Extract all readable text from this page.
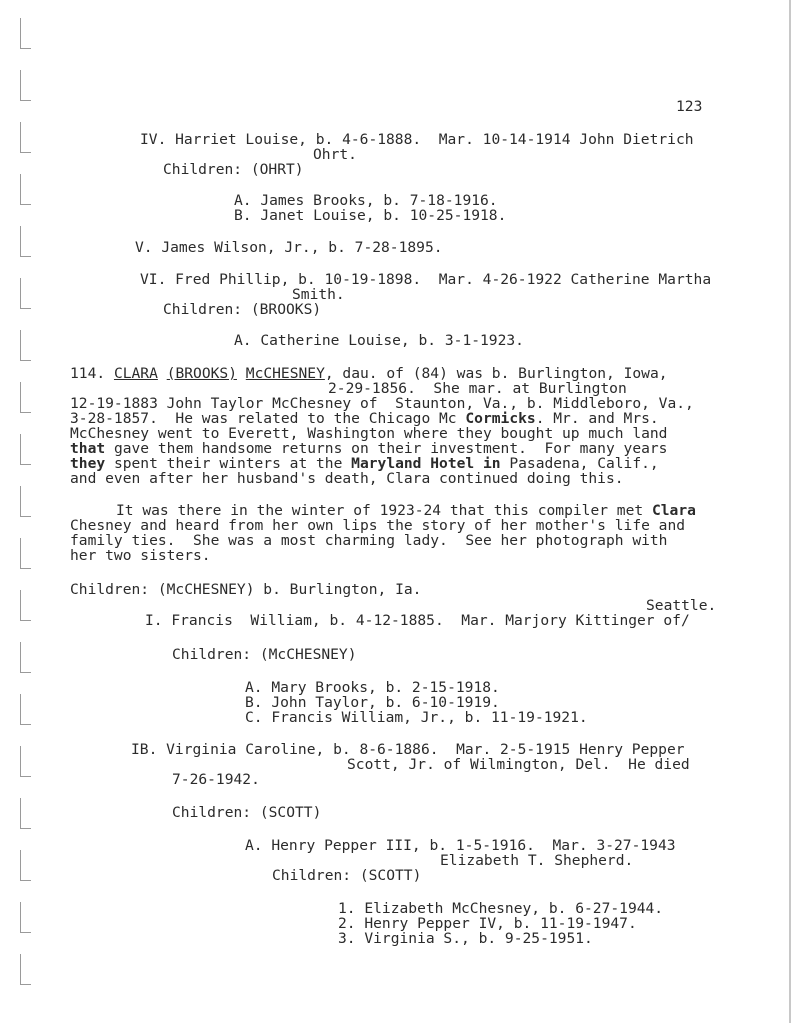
123
IV. Harriet Louise, b. 4-6-1888.  Mar. 10-14-1914 John Dietrich
Ohrt.
Children: (OHRT)
A. James Brooks, b. 7-18-1916.
B. Janet Louise, b. 10-25-1918.
V. James Wilson, Jr., b. 7-28-1895.
VI. Fred Phillip, b. 10-19-1898.  Mar. 4-26-1922 Catherine Martha
Smith.
Children: (BROOKS)
A. Catherine Louise, b. 3-1-1923.
114. CLARA (BROOKS) McCHESNEY, dau. of (84) was b. Burlington, Iowa,
2-29-1856.  She mar. at Burlington
12-19-1883 John Taylor McChesney of  Staunton, Va., b. Middleboro, Va.,
3-28-1857.  He was related to the Chicago Mc Cormicks. Mr. and Mrs.
McChesney went to Everett, Washington where they bought up much land
that gave them handsome returns on their investment.  For many years
they spent their winters at the Maryland Hotel in Pasadena, Calif.,
and even after her husband's death, Clara continued doing this.
It was there in the winter of 1923-24 that this compiler met Clara
Chesney and heard from her own lips the story of her mother's life and
family ties.  She was a most charming lady.  See her photograph with
her two sisters.
Children: (McCHESNEY) b. Burlington, Ia.
Seattle.
I. Francis  William, b. 4-12-1885.  Mar. Marjory Kittinger of/
Children: (McCHESNEY)
A. Mary Brooks, b. 2-15-1918.
B. John Taylor, b. 6-10-1919.
C. Francis William, Jr., b. 11-19-1921.
IB. Virginia Caroline, b. 8-6-1886.  Mar. 2-5-1915 Henry Pepper
Scott, Jr. of Wilmington, Del.  He died
7-26-1942.
Children: (SCOTT)
A. Henry Pepper III, b. 1-5-1916.  Mar. 3-27-1943
Elizabeth T. Shepherd.
Children: (SCOTT)
1. Elizabeth McChesney, b. 6-27-1944.
2. Henry Pepper IV, b. 11-19-1947.
3. Virginia S., b. 9-25-1951.
